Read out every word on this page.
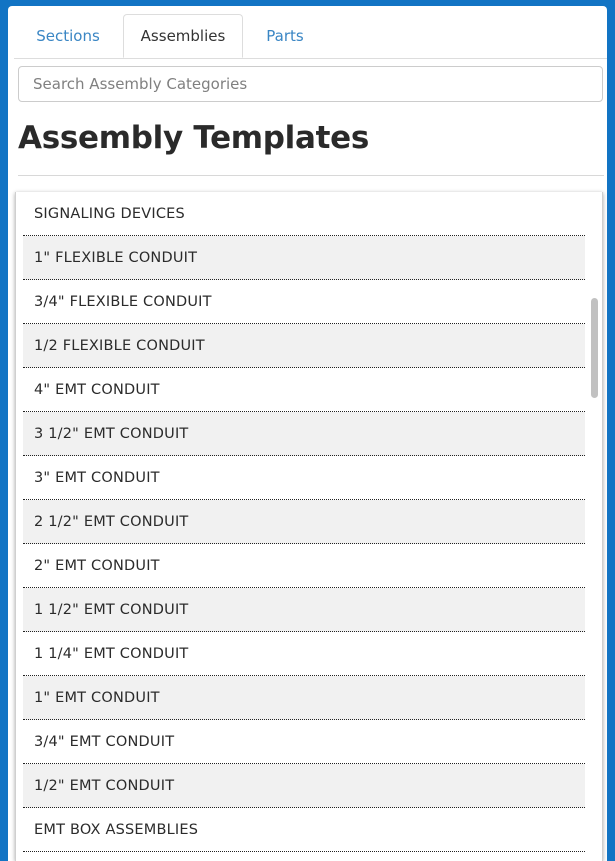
Sections	Assemblies	Parts
Search Assembly Categories
Assembly Templates
SIGNALING DEVICES
1" FLEXIBLE CONDUIT
3/4" FLEXIBLE CONDUIT
1/2 FLEXIBLE CONDUIT
4" EMT CONDUIT
3 1/2" EMT CONDUIT
3" EMT CONDUIT
2 1/2" EMT CONDUIT
2" EMT CONDUIT
1 1/2" EMT CONDUIT
1 1/4" EMT CONDUIT
1" EMT CONDUIT
3/4" EMT CONDUIT
1/2" EMT CONDUIT
EMT BOX ASSEMBLIES
